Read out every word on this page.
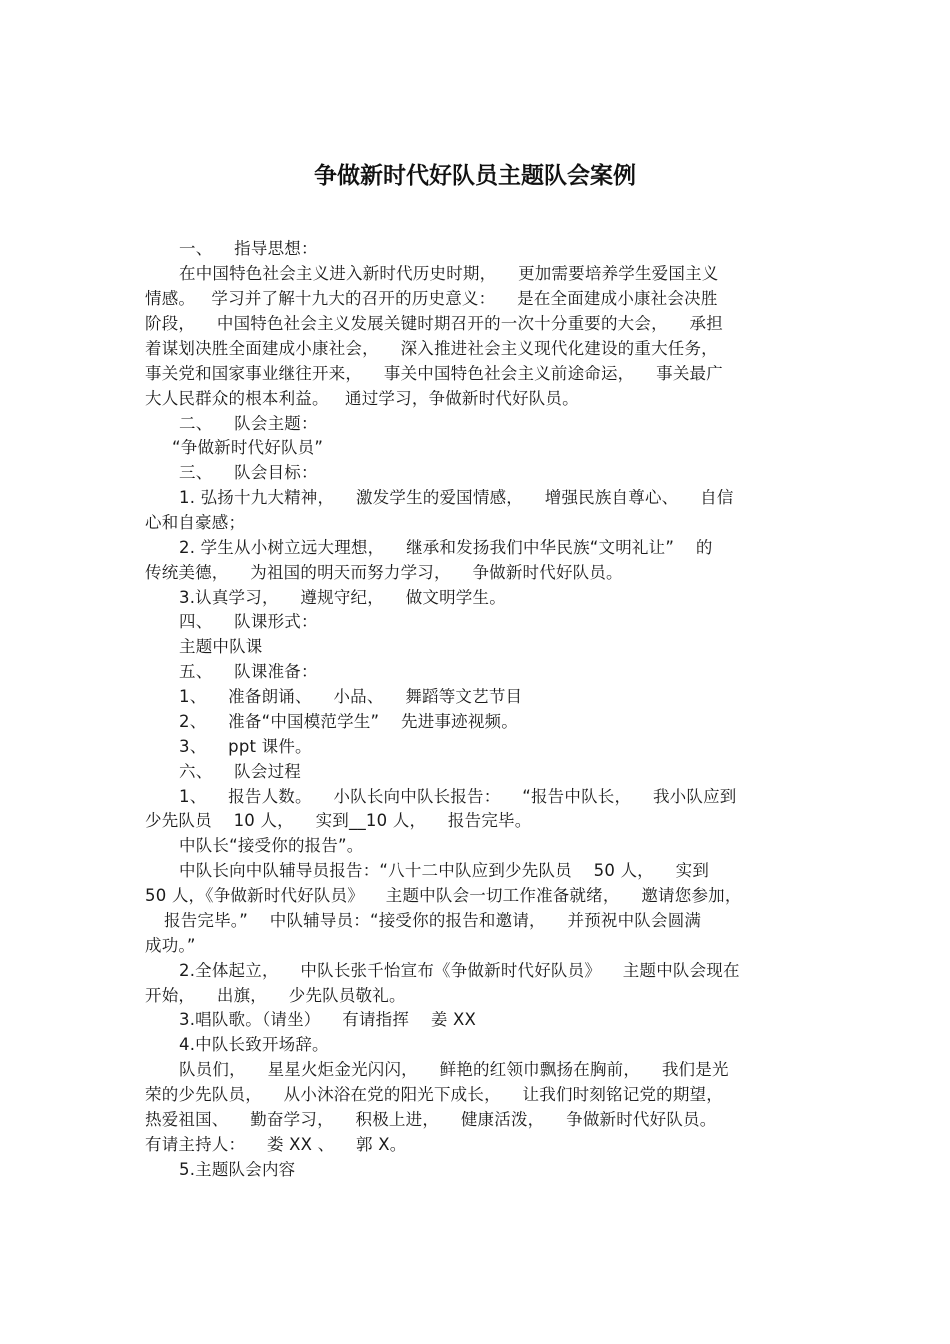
争做新时代好队员主题队会案例
一、    指导思想：
在中国特色社会主义进入新时代历史时期，    更加需要培养学生爱国主义
情感。   学习并了解十九大的召开的历史意义：    是在全面建成小康社会决胜
阶段，    中国特色社会主义发展关键时期召开的一次十分重要的大会，    承担
着谋划决胜全面建成小康社会，    深入推进社会主义现代化建设的重大任务，
事关党和国家事业继往开来，    事关中国特色社会主义前途命运，    事关最广
大人民群众的根本利益。   通过学习，争做新时代好队员。
二、    队会主题：
“争做新时代好队员”
三、    队会目标：
1. 弘扬十九大精神，    激发学生的爱国情感，    增强民族自尊心、    自信
心和自豪感；
2. 学生从小树立远大理想，    继承和发扬我们中华民族“文明礼让”    的
传统美德，    为祖国的明天而努力学习，    争做新时代好队员。
3.认真学习，    遵规守纪，    做文明学生。
四、    队课形式：
主题中队课
五、    队课准备：
1、    准备朗诵、    小品、    舞蹈等文艺节目
2、    准备“中国模范学生”    先进事迹视频。
3、    ppt 课件。
六、    队会过程
1、    报告人数。    小队长向中队长报告：    “报告中队长，    我小队应到
少先队员    10 人，    实到__10 人，    报告完毕。
中队长“接受你的报告”。
中队长向中队辅导员报告：“八十二中队应到少先队员    50 人，    实到
50 人，《争做新时代好队员》    主题中队会一切工作准备就绪，    邀请您参加，
报告完毕。”    中队辅导员：“接受你的报告和邀请，    并预祝中队会圆满
成功。”
2.全体起立，    中队长张千怡宣布《争做新时代好队员》    主题中队会现在
开始，    出旗，    少先队员敬礼。
3.唱队歌。（请坐）    有请指挥    姜 XX
4.中队长致开场辞。
队员们，    星星火炬金光闪闪，    鲜艳的红领巾飘扬在胸前，    我们是光
荣的少先队员，    从小沐浴在党的阳光下成长，    让我们时刻铭记党的期望，
热爱祖国、    勤奋学习，    积极上进，    健康活泼，    争做新时代好队员。
有请主持人：    娄 XX 、    郭 X。
5.主题队会内容
